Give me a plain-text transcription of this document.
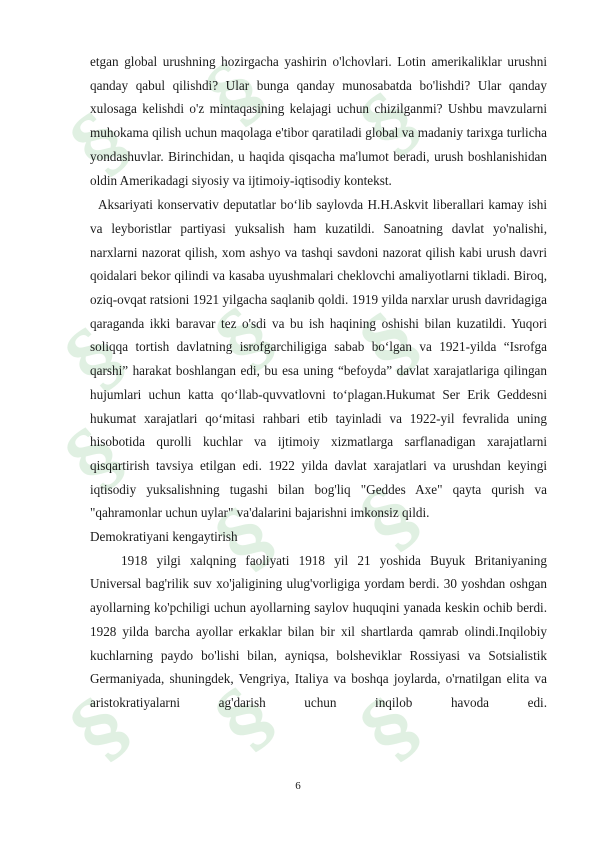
§
§ §
§ § §
§
§ §
§ § §

etgan global urushning hozirgacha yashirin o'lchovlari. Lotin amerikaliklar urushni qanday qabul qilishdi? Ular bunga qanday munosabatda bo'lishdi? Ular qanday xulosaga kelishdi o'z mintaqasining kelajagi uchun chizilganmi? Ushbu mavzularni muhokama qilish uchun maqolaga e'tibor qaratiladi global va madaniy tarixga turlicha yondashuvlar. Birinchidan, u haqida qisqacha ma'lumot beradi, urush boshlanishidan oldin Amerikadagi siyosiy va ijtimoiy-iqtisodiy kontekst.

Aksariyati konservativ deputatlar bo‘lib saylovda H.H.Askvit liberallari kamay ishi va leyboristlar partiyasi yuksalish ham kuzatildi. Sanoatning davlat yo'nalishi, narxlarni nazorat qilish, xom ashyo va tashqi savdoni nazorat qilish kabi urush davri qoidalari bekor qilindi va kasaba uyushmalari cheklovchi amaliyotlarni tikladi. Biroq, oziq-ovqat ratsioni 1921 yilgacha saqlanib qoldi. 1919 yilda narxlar urush davridagiga qaraganda ikki baravar tez o'sdi va bu ish haqining oshishi bilan kuzatildi. Yuqori soliqqa tortish davlatning isrofgarchiligiga sabab bo‘lgan va 1921-yilda “Isrofga qarshi” harakat boshlangan edi, bu esa uning “befoyda” davlat xarajatlariga qilingan hujumlari uchun katta qo‘llab-quvvatlovni to‘plagan.Hukumat Ser Erik Geddesni hukumat xarajatlari qo‘mitasi rahbari etib tayinladi va 1922-yil fevralida uning hisobotida qurolli kuchlar va ijtimoiy xizmatlarga sarflanadigan xarajatlarni qisqartirish tavsiya etilgan edi. 1922 yilda davlat xarajatlari va urushdan keyingi iqtisodiy yuksalishning tugashi bilan bog'liq "Geddes Axe" qayta qurish va "qahramonlar uchun uylar" va'dalarini bajarishni imkonsiz qildi.

Demokratiyani kengaytirish

1918 yilgi xalqning faoliyati 1918 yil 21 yoshida Buyuk Britaniyaning Universal bag'rilik suv xo'jaligining ulug'vorligiga yordam berdi. 30 yoshdan oshgan ayollarning ko'pchiligi uchun ayollarning saylov huquqini yanada keskin ochib berdi. 1928 yilda barcha ayollar erkaklar bilan bir xil shartlarda qamrab olindi.Inqilobiy kuchlarning paydo bo'lishi bilan, ayniqsa, bolsheviklar Rossiyasi va Sotsialistik Germaniyada, shuningdek, Vengriya, Italiya va boshqa joylarda, o'rnatilgan elita va aristokratiyalarni ag'darish uchun inqilob havoda edi.

6
